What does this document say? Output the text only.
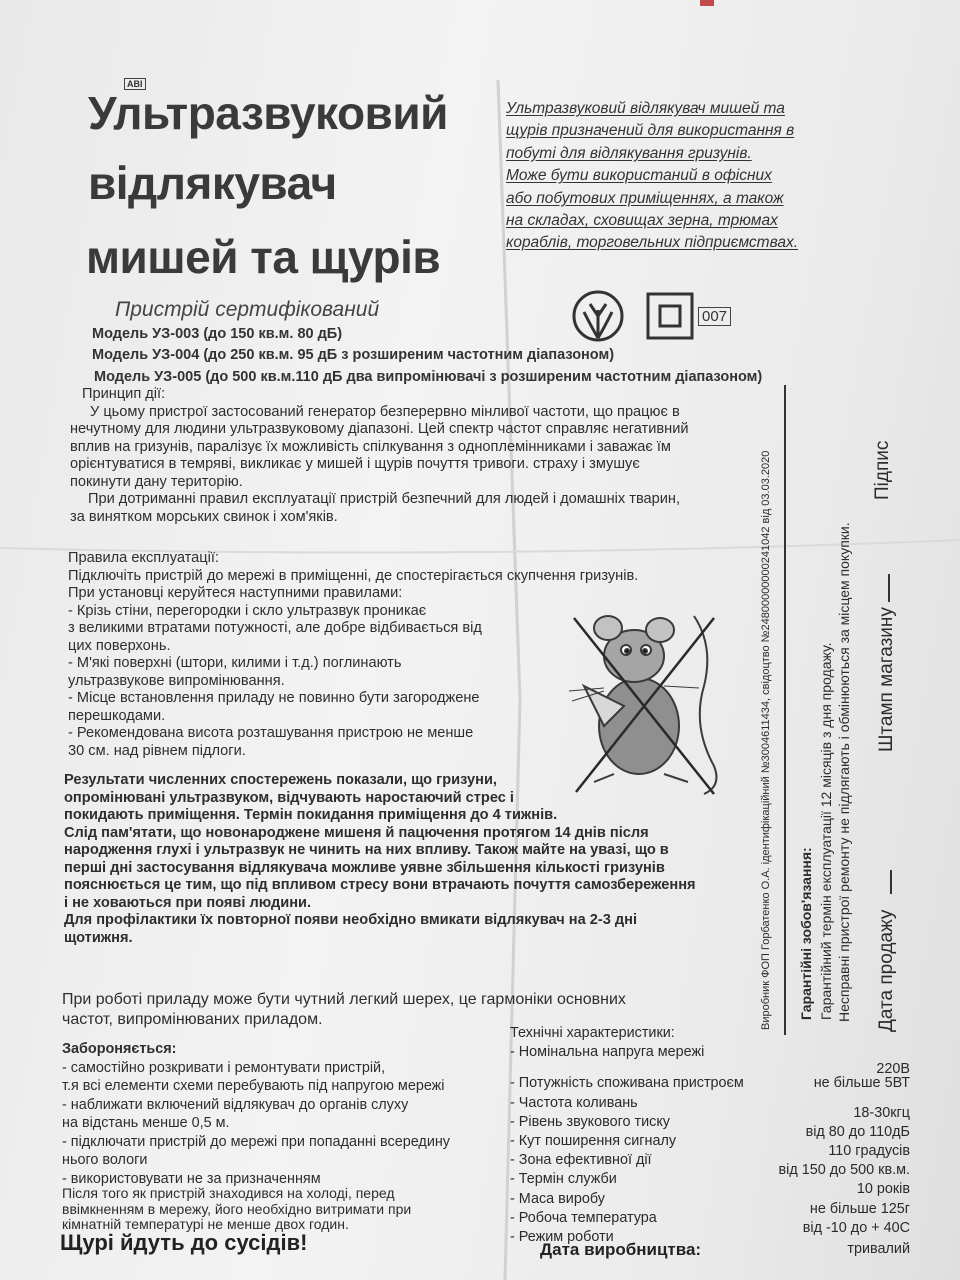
АВІ
Ультразвуковий
відлякувач
мишей та щурів
Пристрій сертифікований
Ультразвуковий відлякувач мишей та
щурів призначений для використання в
побуті для відлякування гризунів.
Може бути використаний в офісних
або побутових приміщеннях, а також
на складах, сховищах зерна, трюмах
кораблів, торговельних підприємствах.
007
Модель УЗ-003 (до 150 кв.м. 80 дБ)
Модель УЗ-004 (до 250 кв.м. 95 дБ з розширеним частотним діапазоном)
Модель УЗ-005 (до 500 кв.м.110 дБ два випромінювачі з розширеним частотним діапазоном)
Принцип дії:
У цьому пристрої застосований генератор безперервно мінливої частоти, що працює в
нечутному для людини ультразвуковому діапазоні. Цей спектр частот справляє негативний
вплив на гризунів, паралізує їх можливість спілкування з одноплемінниками і заважає їм
орієнтуватися в темряві, викликає у мишей і щурів почуття тривоги. страху і змушує
покинути дану територію.
При дотриманні правил експлуатації пристрій безпечний для людей і домашніх тварин,
за винятком морських свинок і хом'яків.
Правила експлуатації:
Підключіть пристрій до мережі в приміщенні, де спостерігається скупчення гризунів.
При установці керуйтеся наступними правилами:
- Крізь стіни, перегородки і скло ультразвук проникає
з великими втратами потужності, але добре відбивається від
цих поверхонь.
- М'які поверхні (штори, килими і т.д.) поглинають
ультразвукове випромінювання.
- Місце встановлення приладу не повинно бути загороджене
перешкодами.
- Рекомендована висота розташування пристрою не менше
30 см. над рівнем підлоги.
Результати численних спостережень показали, що гризуни,
опромінювані ультразвуком, відчувають наростаючий стрес і
покидають приміщення. Термін покидання приміщення до 4 тижнів.
Слід пам'ятати, що новонароджене мишеня й пацючення протягом 14 днів після
народження глухі і ультразвук не чинить на них впливу. Також майте на увазі, що в
перші дні застосування відлякувача можливе уявне збільшення кількості гризунів
пояснюється це тим, що під впливом стресу вони втрачають почуття самозбереження
і не ховаються при появі людини.
Для профілактики їх повторної появи необхідно вмикати відлякувач на 2-3 дні
щотижня.
При роботі приладу може бути чутний легкий шерех, це гармоніки основних
частот, випромінюваних приладом.
Забороняється:
- самостійно розкривати і ремонтувати пристрій,
т.я всі елементи схеми перебувають під напругою мережі
- наближати включений відлякувач до органів слуху
на відстань менше 0,5 м.
- підключати пристрій до мережі при попаданні всередину
нього вологи
- використовувати не за призначенням
Після того як пристрій знаходився на холоді, перед
ввімкненням в мережу, його необхідно витримати при
кімнатній температурі не менше двох годин.
Технічні характеристики:
- Номінальна напруга мережі
220В
- Потужність споживана пристроєм	не більше 5ВТ
- Частота коливань
18-30кгц
- Рівень звукового тиску
від 80 до 110дБ
- Кут поширення сигналу
110 градусів
- Зона ефективної дії
від 150 до 500 кв.м.
- Термін служби
10 років
- Маса виробу
не більше 125г
- Робоча температура
від -10 до + 40С
- Режим роботи
тривалий
Щурі йдуть до сусідів!	Дата виробництва:
Виробник ФОП Горбатенко О.А. ідентифікаційний №3004611434, свідоцтво №24800000000241042 від 03.03.2020 Гарантійні зобов'язання: Гарантійний термін експлуатації 12 місяців з дня продажу. Несправні пристрої ремонту не підлягають і обмінюються за місцем покупки. Дата продажу
Штамп магазину
Підпис
